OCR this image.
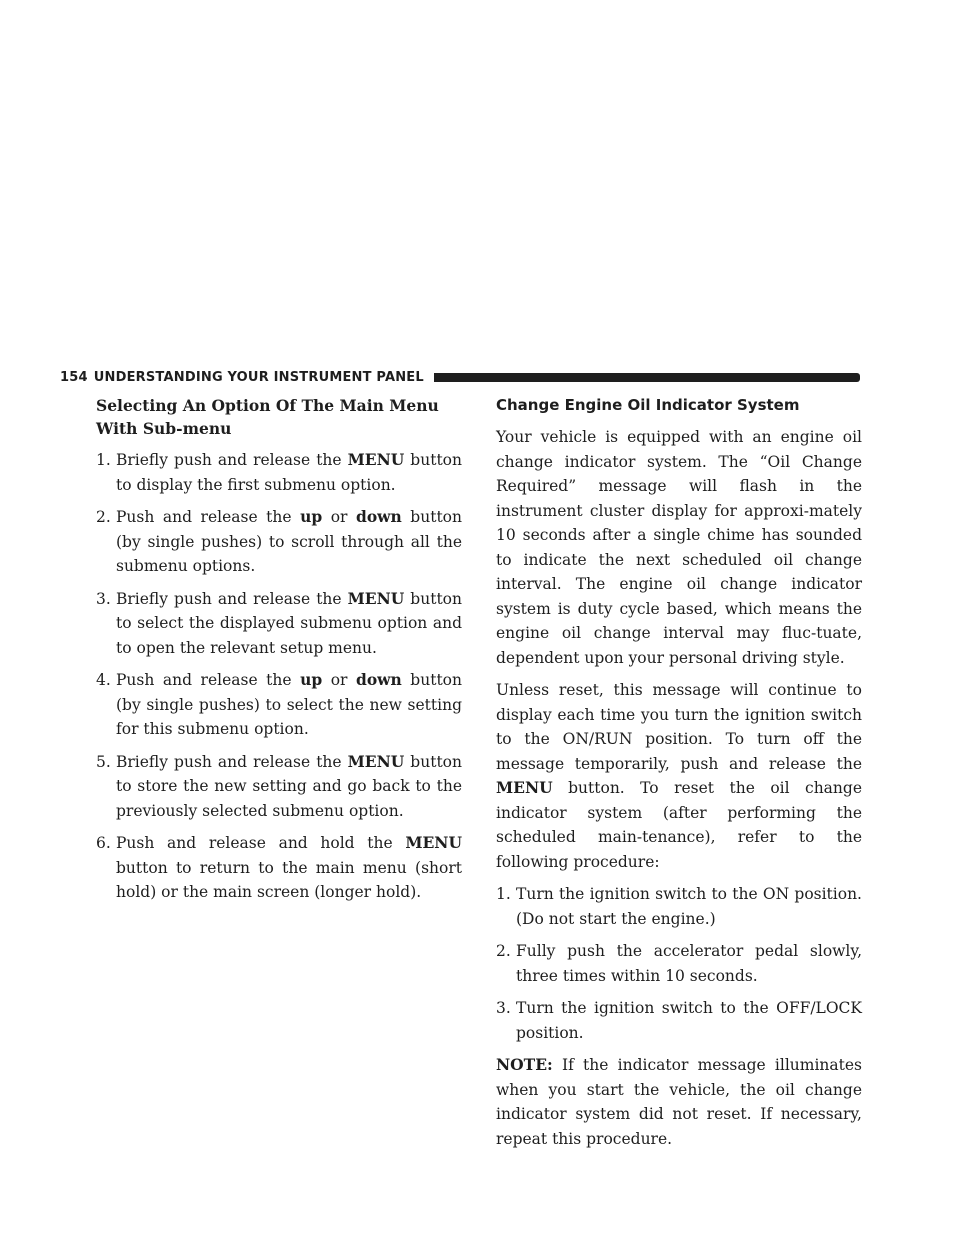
154 UNDERSTANDING YOUR INSTRUMENT PANEL
Selecting An Option Of The Main Menu With Sub-menu
1. Briefly push and release the MENU button to display the first submenu option.
2. Push and release the up or down button (by single pushes) to scroll through all the submenu options.
3. Briefly push and release the MENU button to select the displayed submenu option and to open the relevant setup menu.
4. Push and release the up or down button (by single pushes) to select the new setting for this submenu option.
5. Briefly push and release the MENU button to store the new setting and go back to the previously selected submenu option.
6. Push and release and hold the MENU button to return to the main menu (short hold) or the main screen (longer hold).
Change Engine Oil Indicator System

Your vehicle is equipped with an engine oil change indicator system. The “Oil Change Required” message will flash in the instrument cluster display for approxi-mately 10 seconds after a single chime has sounded to indicate the next scheduled oil change interval. The engine oil change indicator system is duty cycle based, which means the engine oil change interval may fluc-tuate, dependent upon your personal driving style.

Unless reset, this message will continue to display each time you turn the ignition switch to the ON/RUN position. To turn off the message temporarily, push and release the MENU button. To reset the oil change indicator system (after performing the scheduled main-tenance), refer to the following procedure:

1. Turn the ignition switch to the ON position. (Do not start the engine.)
2. Fully push the accelerator pedal slowly, three times within 10 seconds.
3. Turn the ignition switch to the OFF/LOCK position.

NOTE: If the indicator message illuminates when you start the vehicle, the oil change indicator system did not reset. If necessary, repeat this procedure.
